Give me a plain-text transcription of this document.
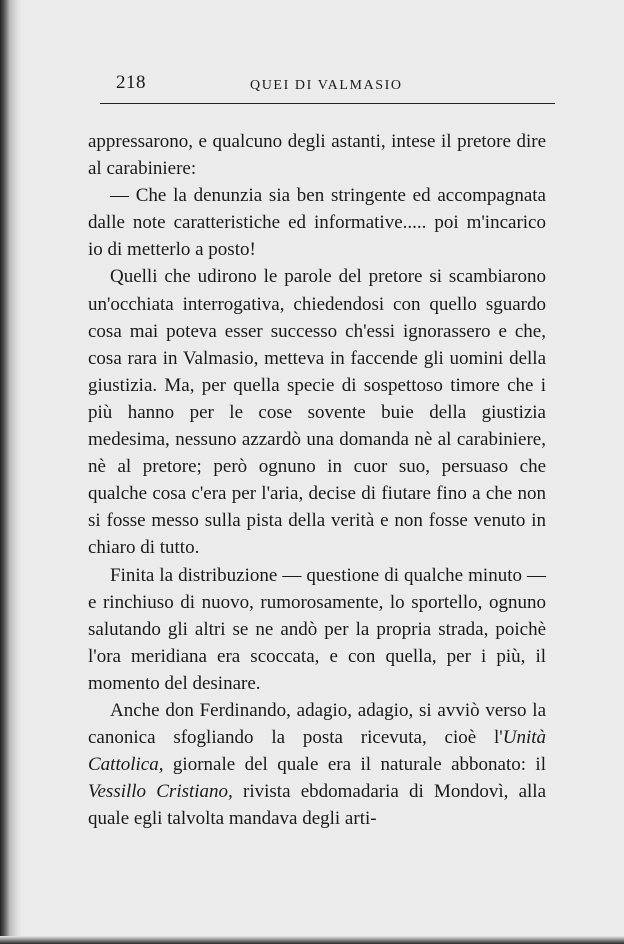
218	QUEI DI VALMASIO

appressarono, e qualcuno degli astanti, intese il pretore dire al carabiniere:

— Che la denunzia sia ben stringente ed accompagnata dalle note caratteristiche ed informative..... poi m'incarico io di metterlo a posto!

Quelli che udirono le parole del pretore si scambiarono un'occhiata interrogativa, chiedendosi con quello sguardo cosa mai poteva esser successo ch'essi ignorassero e che, cosa rara in Valmasio, metteva in faccende gli uomini della giustizia. Ma, per quella specie di sospettoso timore che i più hanno per le cose sovente buie della giustizia medesima, nessuno azzardò una domanda nè al carabiniere, nè al pretore; però ognuno in cuor suo, persuaso che qualche cosa c'era per l'aria, decise di fiutare fino a che non si fosse messo sulla pista della verità e non fosse venuto in chiaro di tutto.

Finita la distribuzione — questione di qualche minuto — e rinchiuso di nuovo, rumorosamente, lo sportello, ognuno salutando gli altri se ne andò per la propria strada, poichè l'ora meridiana era scoccata, e con quella, per i più, il momento del desinare.

Anche don Ferdinando, adagio, adagio, si avviò verso la canonica sfogliando la posta ricevuta, cioè l'Unità Cattolica, giornale del quale era il naturale abbonato: il Vessillo Cristiano, rivista ebdomadaria di Mondovì, alla quale egli talvolta mandava degli arti-
